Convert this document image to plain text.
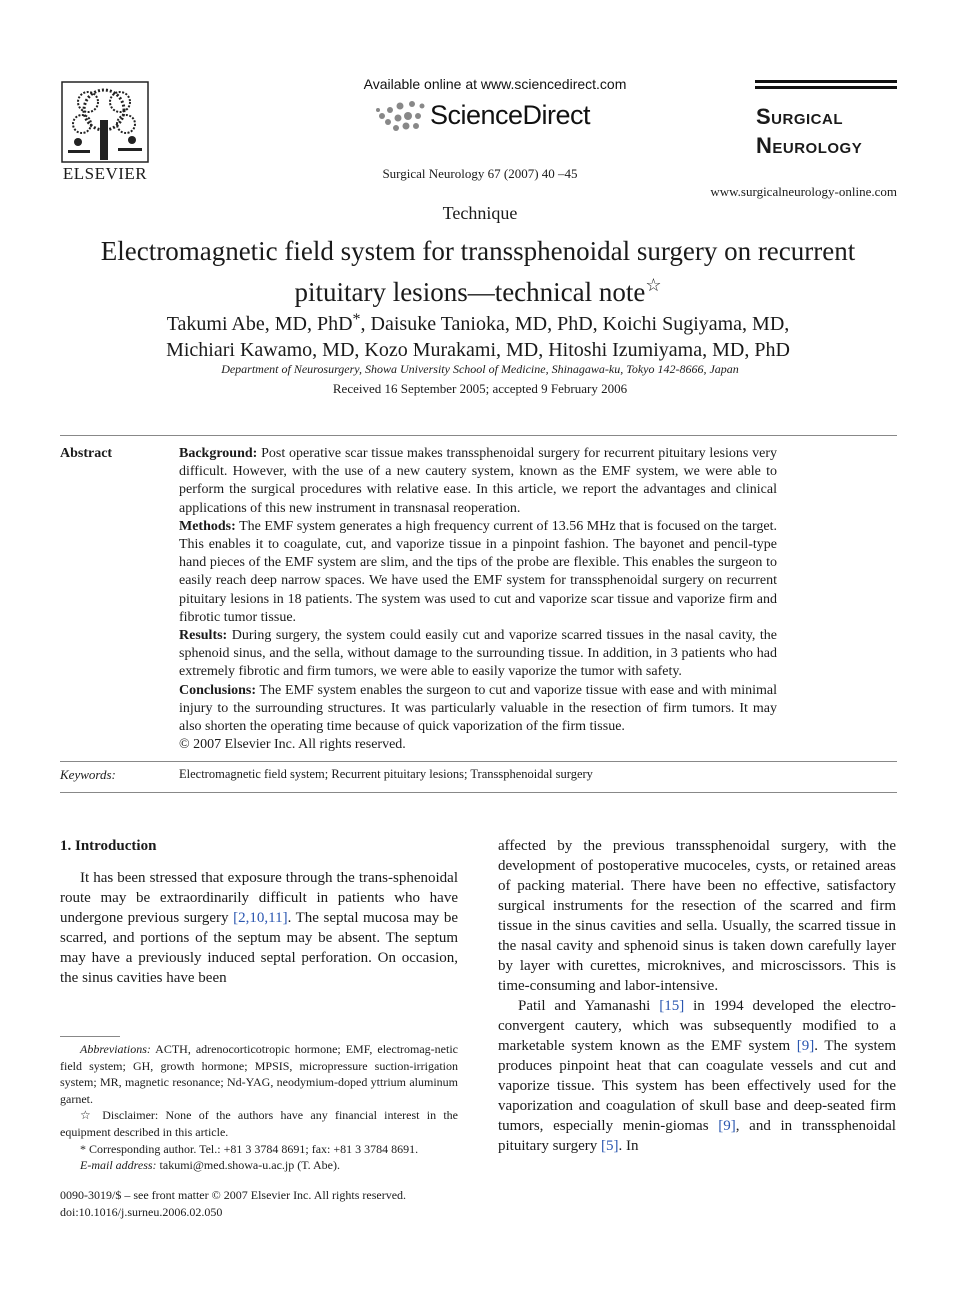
ELSEVIER
Available online at www.sciencedirect.com
ScienceDirect
Surgical Neurology 67 (2007) 40 –45
Surgical
Neurology
www.surgicalneurology-online.com
Technique
Electromagnetic field system for transsphenoidal surgery on recurrent pituitary lesions—technical note☆
Takumi Abe, MD, PhD*, Daisuke Tanioka, MD, PhD, Koichi Sugiyama, MD,
Michiari Kawamo, MD, Kozo Murakami, MD, Hitoshi Izumiyama, MD, PhD
Department of Neurosurgery, Showa University School of Medicine, Shinagawa-ku, Tokyo 142-8666, Japan
Received 16 September 2005; accepted 9 February 2006
Abstract	Background: Post operative scar tissue makes transsphenoidal surgery for recurrent pituitary lesions very difficult. However, with the use of a new cautery system, known as the EMF system, we were able to perform the surgical procedures with relative ease. In this article, we report the advantages and clinical applications of this new instrument in transnasal reoperation.

Methods: The EMF system generates a high frequency current of 13.56 MHz that is focused on the target. This enables it to coagulate, cut, and vaporize tissue in a pinpoint fashion. The bayonet and pencil-type hand pieces of the EMF system are slim, and the tips of the probe are flexible. This enables the surgeon to easily reach deep narrow spaces. We have used the EMF system for transsphenoidal surgery on recurrent pituitary lesions in 18 patients. The system was used to cut and vaporize scar tissue and vaporize firm and fibrotic tumor tissue.

Results: During surgery, the system could easily cut and vaporize scarred tissues in the nasal cavity, the sphenoid sinus, and the sella, without damage to the surrounding tissue. In addition, in 3 patients who had extremely fibrotic and firm tumors, we were able to easily vaporize the tumor with safety.

Conclusions: The EMF system enables the surgeon to cut and vaporize tissue with ease and with minimal injury to the surrounding structures. It was particularly valuable in the resection of firm tumors. It may also shorten the operating time because of quick vaporization of the firm tissue.

© 2007 Elsevier Inc. All rights reserved.

Keywords:	Electromagnetic field system; Recurrent pituitary lesions; Transsphenoidal surgery
1. Introduction

It has been stressed that exposure through the trans-sphenoidal route may be extraordinarily difficult in patients who have undergone previous surgery [2,10,11]. The septal mucosa may be scarred, and portions of the septum may be absent. The septum may have a previously induced septal perforation. On occasion, the sinus cavities have been

affected by the previous transsphenoidal surgery, with the development of postoperative mucoceles, cysts, or retained areas of packing material. There have been no effective, satisfactory surgical instruments for the resection of the scarred and firm tissue in the sinus cavities and sella. Usually, the scarred tissue in the nasal cavity and sphenoid sinus is taken down carefully layer by layer with curettes, microknives, and microscissors. This is time-consuming and labor-intensive.

Patil and Yamanashi [15] in 1994 developed the electro-convergent cautery, which was subsequently modified to a marketable system known as the EMF system [9]. The system produces pinpoint heat that can coagulate vessels and cut and vaporize tissue. This system has been effectively used for the vaporization and coagulation of skull base and deep-seated firm tumors, especially menin-giomas [9], and in transsphenoidal pituitary surgery [5]. In

Abbreviations: ACTH, adrenocorticotropic hormone; EMF, electromag-netic field system; GH, growth hormone; MPSIS, micropressure suction-irrigation system; MR, magnetic resonance; Nd-YAG, neodymium-doped yttrium aluminum garnet.

☆ Disclaimer: None of the authors have any financial interest in the equipment described in this article.

* Corresponding author. Tel.: +81 3 3784 8691; fax: +81 3 3784 8691.

E-mail address: takumi@med.showa-u.ac.jp (T. Abe).

0090-3019/$ – see front matter © 2007 Elsevier Inc. All rights reserved.
doi:10.1016/j.surneu.2006.02.050
